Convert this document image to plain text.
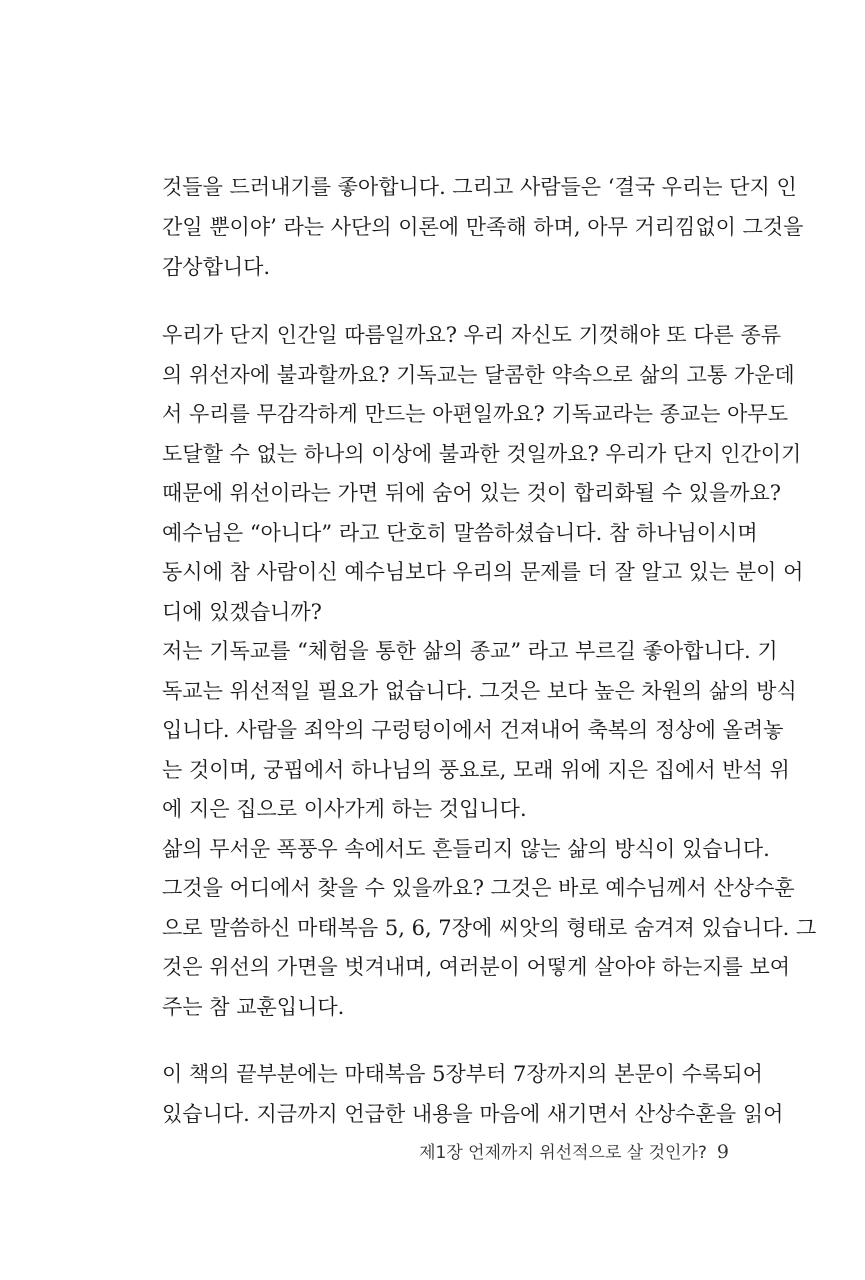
것들을 드러내기를 좋아합니다. 그리고 사람들은 ‘결국 우리는 단지 인
간일 뿐이야’ 라는 사단의 이론에 만족해 하며, 아무 거리낌없이 그것을
감상합니다.
우리가 단지 인간일 따름일까요? 우리 자신도 기껏해야 또 다른 종류
의 위선자에 불과할까요? 기독교는 달콤한 약속으로 삶의 고통 가운데
서 우리를 무감각하게 만드는 아편일까요? 기독교라는 종교는 아무도
도달할 수 없는 하나의 이상에 불과한 것일까요? 우리가 단지 인간이기
때문에 위선이라는 가면 뒤에 숨어 있는 것이 합리화될 수 있을까요?
예수님은 “아니다” 라고 단호히 말씀하셨습니다. 참 하나님이시며
동시에 참 사람이신 예수님보다 우리의 문제를 더 잘 알고 있는 분이 어
디에 있겠습니까?
저는 기독교를 “체험을 통한 삶의 종교” 라고 부르길 좋아합니다. 기
독교는 위선적일 필요가 없습니다. 그것은 보다 높은 차원의 삶의 방식
입니다. 사람을 죄악의 구렁텅이에서 건져내어 축복의 정상에 올려놓
는 것이며, 궁핍에서 하나님의 풍요로, 모래 위에 지은 집에서 반석 위
에 지은 집으로 이사가게 하는 것입니다.
삶의 무서운 폭풍우 속에서도 흔들리지 않는 삶의 방식이 있습니다.
그것을 어디에서 찾을 수 있을까요? 그것은 바로 예수님께서 산상수훈
으로 말씀하신 마태복음 5, 6, 7장에 씨앗의 형태로 숨겨져 있습니다. 그
것은 위선의 가면을 벗겨내며, 여러분이 어떻게 살아야 하는지를 보여
주는 참 교훈입니다.
이 책의 끝부분에는 마태복음 5장부터 7장까지의 본문이 수록되어
있습니다. 지금까지 언급한 내용을 마음에 새기면서 산상수훈을 읽어
제1장 언제까지 위선적으로 살 것인가? 9
